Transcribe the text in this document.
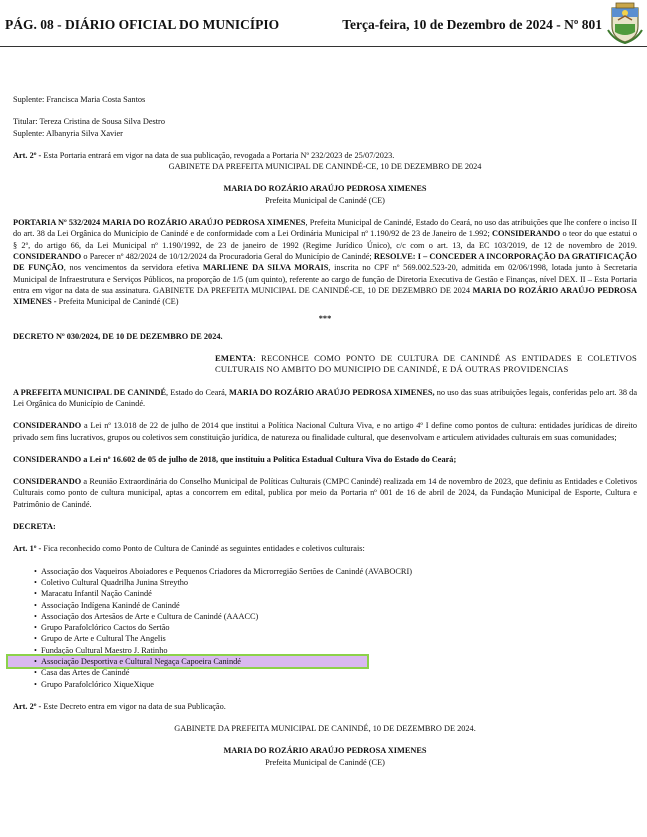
PÁG. 08 - DIÁRIO OFICIAL DO MUNICÍPIO	Terça-feira, 10 de Dezembro de 2024 - Nº 801

Suplente: Francisca Maria Costa Santos

Titular: Tereza Cristina de Sousa Silva Destro

Suplente: Albanyria Silva Xavier

Art. 2º - Esta Portaria entrará em vigor na data de sua publicação, revogada a Portaria Nº 232/2023 de 25/07/2023.

GABINETE DA PREFEITA MUNICIPAL DE CANINDÉ-CE, 10 DE DEZEMBRO DE 2024

MARIA DO ROZÁRIO ARAÚJO PEDROSA XIMENES

Prefeita Municipal de Canindé (CE)

PORTARIA Nº 532/2024 MARIA DO ROZÁRIO ARAÚJO PEDROSA XIMENES, Prefeita Municipal de Canindé, Estado do Ceará, no uso das atribuições que lhe confere o inciso II do art. 38 da Lei Orgânica do Município de Canindé e de conformidade com a Lei Ordinária Municipal nº 1.190/92 de 23 de Janeiro de 1.992; CONSIDERANDO o teor do que estatui o § 2º, do artigo 66, da Lei Municipal nº 1.190/1992, de 23 de janeiro de 1992 (Regime Jurídico Único), c/c com o art. 13, da EC 103/2019, de 12 de novembro de 2019. CONSIDERANDO o Parecer nº 482/2024 de 10/12/2024 da Procuradoria Geral do Município de Canindé; RESOLVE: I – CONCEDER A INCORPORAÇÃO DA GRATIFICAÇÃO DE FUNÇÃO, nos vencimentos da servidora efetiva MARLIENE DA SILVA MORAIS, inscrita no CPF nº 569.002.523-20, admitida em 02/06/1998, lotada junto à Secretaria Municipal de Infraestrutura e Serviços Públicos, na proporção de 1/5 (um quinto), referente ao cargo de função de Diretoria Executiva de Gestão e Finanças, nível DEX. II – Esta Portaria entra em vigor na data de sua assinatura. GABINETE DA PREFEITA MUNICIPAL DE CANINDÉ-CE, 10 DE DEZEMBRO DE 2024 MARIA DO ROZÁRIO ARAÚJO PEDROSA XIMENES - Prefeita Municipal de Canindé (CE)

***

DECRETO Nº 030/2024, DE 10 DE DEZEMBRO DE 2024.

EMENTA: RECONHCE COMO PONTO DE CULTURA DE CANINDÉ AS ENTIDADES E COLETIVOS CULTURAIS NO AMBITO DO MUNICIPIO DE CANINDÉ, E DÁ OUTRAS PROVIDENCIAS

A PREFEITA MUNICIPAL DE CANINDÉ, Estado do Ceará, MARIA DO ROZÁRIO ARAÚJO PEDROSA XIMENES, no uso das suas atribuições legais, conferidas pelo art. 38 da Lei Orgânica do Município de Canindé.

CONSIDERANDO a Lei nº 13.018 de 22 de julho de 2014 que institui a Política Nacional Cultura Viva, e no artigo 4º I define como pontos de cultura: entidades jurídicas de direito privado sem fins lucrativos, grupos ou coletivos sem constituição jurídica, de natureza ou finalidade cultural, que desenvolvam e articulem atividades culturais em suas comunidades;

CONSIDERANDO a Lei nº 16.602 de 05 de julho de 2018, que instituiu a Política Estadual Cultura Viva do Estado do Ceará;

CONSIDERANDO a Reunião Extraordinária do Conselho Municipal de Políticas Culturais (CMPC Canindé) realizada em 14 de novembro de 2023, que definiu as Entidades e Coletivos Culturais como ponto de cultura municipal, aptas a concorrem em edital, publica por meio da Portaria nº 001 de 16 de abril de 2024, da Fundação Municipal de Esporte, Cultura e Patrimônio de Canindé.

DECRETA:

Art. 1º - Fica reconhecido como Ponto de Cultura de Canindé as seguintes entidades e coletivos culturais:

• Associação dos Vaqueiros Aboiadores e Pequenos Criadores da Microrregião Sertões de Canindé (AVABOCRI)
• Coletivo Cultural Quadrilha Junina Streytho
• Maracatu Infantil Nação Canindé
• Associação Indígena Kanindé de Canindé
• Associação dos Artesãos de Arte e Cultura de Canindé (AAACC)
• Grupo Parafolclórico Cactos do Sertão
• Grupo de Arte e Cultural The Angelis
• Fundação Cultural Maestro J. Ratinho
• Associação Desportiva e Cultural Negaça Capoeira Canindé
• Casa das Artes de Canindé
• Grupo Parafolclórico XiqueXique

Art. 2º - Este Decreto entra em vigor na data de sua Publicação.

GABINETE DA PREFEITA MUNICIPAL DE CANINDÉ, 10 DE DEZEMBRO DE 2024.

MARIA DO ROZÁRIO ARAÚJO PEDROSA XIMENES

Prefeita Municipal de Canindé (CE)
